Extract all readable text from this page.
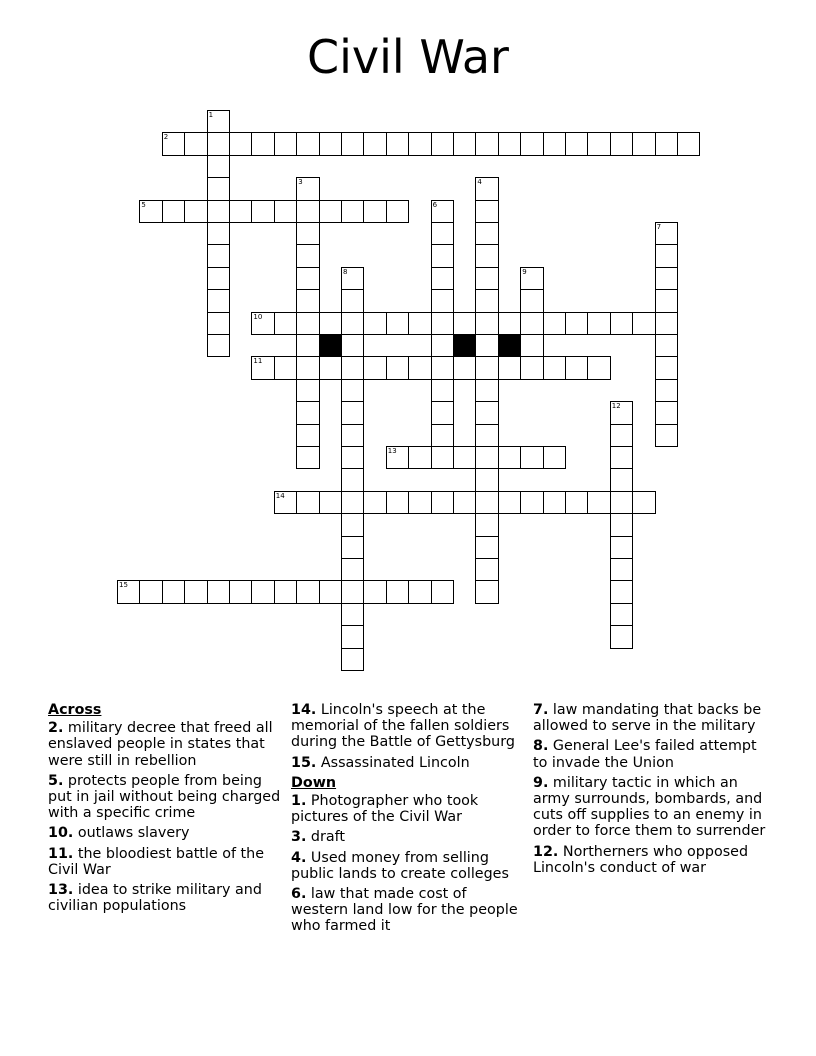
Civil War
1
2
3	4
5	6
7
8	9
10
11
12
13
14
15
Across
2. military decree that freed all enslaved people in states that were still in rebellion
5. protects people from being put in jail without being charged with a specific crime
10. outlaws slavery
11. the bloodiest battle of the Civil War
13. idea to strike military and civilian populations
14. Lincoln's speech at the memorial of the fallen soldiers during the Battle of Gettysburg
15. Assassinated Lincoln
Down
1. Photographer who took pictures of the Civil War
3. draft
4. Used money from selling public lands to create colleges
6. law that made cost of western land low for the people who farmed it
7. law mandating that backs be allowed to serve in the military
8. General Lee's failed attempt to invade the Union
9. military tactic in which an army surrounds, bombards, and cuts off supplies to an enemy in order to force them to surrender
12. Northerners who opposed Lincoln's conduct of war
